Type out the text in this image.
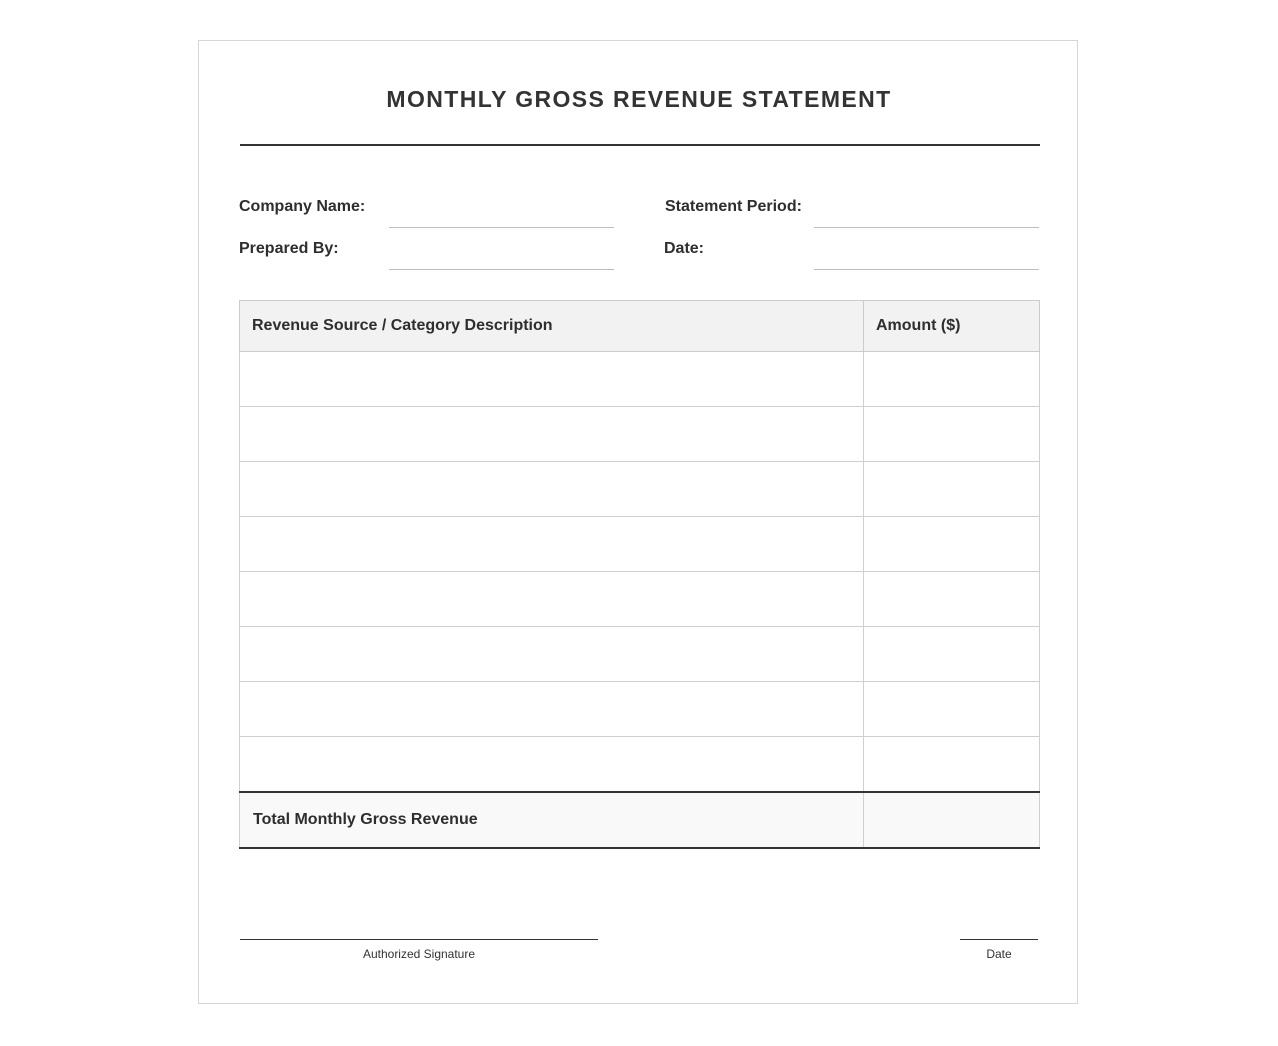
MONTHLY GROSS REVENUE STATEMENT
Company Name:	Statement Period:
Prepared By:	Date:
Revenue Source / Category Description	Amount ($)

Total Monthly Gross Revenue	
Authorized Signature	Date
